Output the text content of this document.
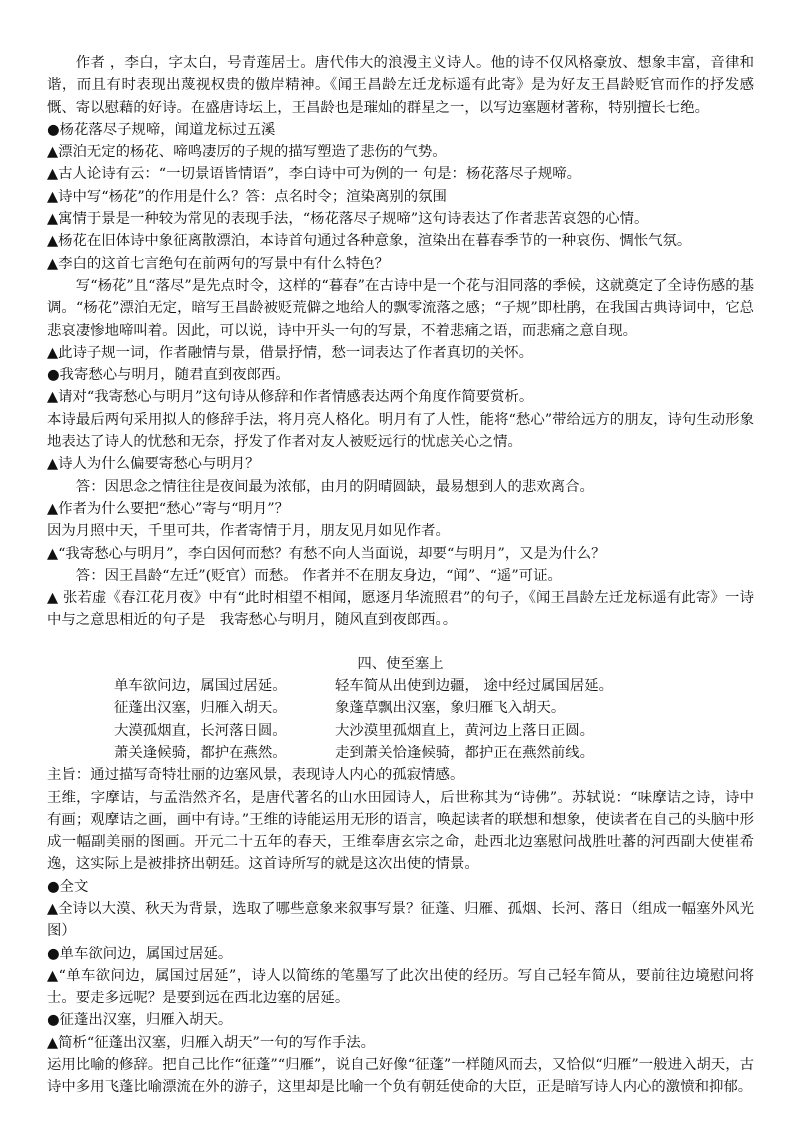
作者 ，李白，字太白，号青莲居士。唐代伟大的浪漫主义诗人。他的诗不仅风格豪放、想象丰富，音律和谐，而且有时表现出蔑视权贵的傲岸精神。《闻王昌龄左迁龙标遥有此寄》是为好友王昌龄贬官而作的抒发感慨、寄以慰藉的好诗。在盛唐诗坛上，王昌龄也是璀灿的群星之一，以写边塞题材著称，特别擅长七绝。

●杨花落尽子规啼，闻道龙标过五溪

▲漂泊无定的杨花、啼鸣凄厉的子规的描写塑造了悲伤的气势。

▲古人论诗有云：“一切景语皆情语”，李白诗中可为例的一 句是：杨花落尽子规啼。

▲诗中写“杨花”的作用是什么？答：点名时令；渲染离别的氛围

▲寓情于景是一种较为常见的表现手法，“杨花落尽子规啼”这句诗表达了作者悲苦哀怨的心情。

▲杨花在旧体诗中象征离散漂泊，本诗首句通过各种意象，渲染出在暮春季节的一种哀伤、惆怅气氛。

▲李白的这首七言绝句在前两句的写景中有什么特色？

写“杨花”且“落尽”是先点时令，这样的“暮春”在古诗中是一个花与泪同落的季候，这就奠定了全诗伤感的基调。“杨花”漂泊无定，暗写王昌龄被贬荒僻之地给人的飘零流落之感；“子规”即杜鹃，在我国古典诗词中，它总悲哀凄惨地啼叫着。因此，可以说，诗中开头一句的写景，不着悲痛之语，而悲痛之意自现。

▲此诗子规一词，作者融情与景，借景抒情，愁一词表达了作者真切的关怀。

●我寄愁心与明月，随君直到夜郎西。

▲请对“我寄愁心与明月”这句诗从修辞和作者情感表达两个角度作简要赏析。

本诗最后两句采用拟人的修辞手法，将月亮人格化。明月有了人性，能将“愁心”带给远方的朋友，诗句生动形象地表达了诗人的忧愁和无奈，抒发了作者对友人被贬远行的忧虑关心之情。

▲诗人为什么偏要寄愁心与明月？

答：因思念之情往往是夜间最为浓郁，由月的阴晴圆缺，最易想到人的悲欢离合。

▲作者为什么要把“愁心”寄与“明月”？

因为月照中天，千里可共，作者寄情于月，朋友见月如见作者。

▲“我寄愁心与明月”，李白因何而愁？有愁不向人当面说，却要“与明月”，又是为什么？

答：因王昌龄“左迁”(贬官）而愁。 作者并不在朋友身边，“闻”、“遥”可证。

▲ 张若虚《春江花月夜》中有“此时相望不相闻，愿逐月华流照君”的句子，《闻王昌龄左迁龙标遥有此寄》一诗中与之意思相近的句子是　我寄愁心与明月，随风直到夜郎西。。

四、使至塞上

单车欲问边，属国过居延。	轻车简从出使到边疆， 途中经过属国居延。

征蓬出汉塞，归雁入胡天。	象蓬草飘出汉塞，象归雁飞入胡天。

大漠孤烟直，长河落日圆。	大沙漠里孤烟直上，黄河边上落日正圆。

萧关逢候骑，都护在燕然。	走到萧关恰逢候骑，都护正在燕然前线。

主旨：通过描写奇特壮丽的边塞风景，表现诗人内心的孤寂情感。

王维，字摩诘，与孟浩然齐名，是唐代著名的山水田园诗人，后世称其为“诗佛”。苏轼说：“味摩诘之诗，诗中有画；观摩诘之画，画中有诗。”王维的诗能运用无形的语言，唤起读者的联想和想象，使读者在自己的头脑中形成一幅副美丽的图画。开元二十五年的春天，王维奉唐玄宗之命，赴西北边塞慰问战胜吐蕃的河西副大使崔希逸，这实际上是被排挤出朝廷。这首诗所写的就是这次出使的情景。

●全文

▲全诗以大漠、秋天为背景，选取了哪些意象来叙事写景？征蓬、归雁、孤烟、长河、落日（组成一幅塞外风光图）

●单车欲问边，属国过居延。

▲“单车欲问边，属国过居延”，诗人以简练的笔墨写了此次出使的经历。写自己轻车简从，要前往边境慰问将士。要走多远呢？是要到远在西北边塞的居延。

●征蓬出汉塞，归雁入胡天。

▲简析“征蓬出汉塞，归雁入胡天”一句的写作手法。

运用比喻的修辞。把自己比作“征蓬”“归雁”，说自己好像“征蓬”一样随风而去，又恰似“归雁”一般进入胡天，古诗中多用飞蓬比喻漂流在外的游子，这里却是比喻一个负有朝廷使命的大臣，正是暗写诗人内心的激愤和抑郁。
